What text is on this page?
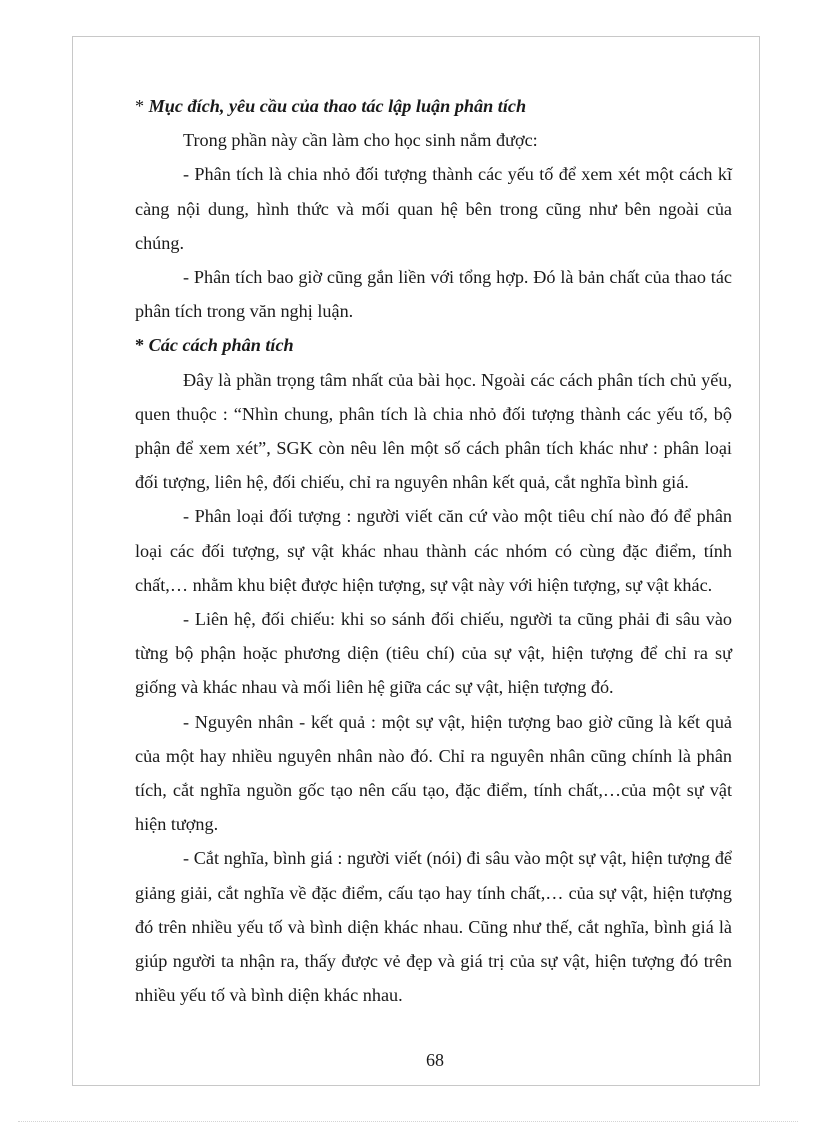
* Mục đích, yêu cầu của thao tác lập luận phân tích

Trong phần này cần làm cho học sinh nắm được:

- Phân tích là chia nhỏ đối tượng thành các yếu tố để xem xét một cách kĩ càng nội dung, hình thức và mối quan hệ bên trong cũng như bên ngoài của chúng.

- Phân tích bao giờ cũng gắn liền với tổng hợp. Đó là bản chất của thao tác phân tích trong văn nghị luận.

* Các cách phân tích

Đây là phần trọng tâm nhất của bài học. Ngoài các cách phân tích chủ yếu, quen thuộc : “Nhìn chung, phân tích là chia nhỏ đối tượng thành các yếu tố, bộ phận để xem xét”, SGK còn nêu lên một số cách phân tích khác như : phân loại đối tượng, liên hệ, đối chiếu, chỉ ra nguyên nhân kết quả, cắt nghĩa bình giá.

- Phân loại đối tượng : người viết căn cứ vào một tiêu chí nào đó để phân loại các đối tượng, sự vật khác nhau thành các nhóm có cùng đặc điểm, tính chất,… nhằm khu biệt được hiện tượng, sự vật này với hiện tượng, sự vật khác.

- Liên hệ, đối chiếu: khi so sánh đối chiếu, người ta cũng phải đi sâu vào từng bộ phận hoặc phương diện (tiêu chí) của sự vật, hiện tượng để chỉ ra sự giống và khác nhau và mối liên hệ giữa các sự vật, hiện tượng đó.

- Nguyên nhân - kết quả : một sự vật, hiện tượng bao giờ cũng là kết quả của một hay nhiều nguyên nhân nào đó. Chỉ ra nguyên nhân cũng chính là phân tích, cắt nghĩa nguồn gốc tạo nên cấu tạo, đặc điểm, tính chất,…của một sự vật hiện tượng.

- Cắt nghĩa, bình giá : người viết (nói) đi sâu vào một sự vật, hiện tượng để giảng giải, cắt nghĩa về đặc điểm, cấu tạo hay tính chất,… của sự vật, hiện tượng đó trên nhiều yếu tố và bình diện khác nhau. Cũng như thế, cắt nghĩa, bình giá là giúp người ta nhận ra, thấy được vẻ đẹp và giá trị của sự vật, hiện tượng đó trên nhiều yếu tố và bình diện khác nhau.

68
